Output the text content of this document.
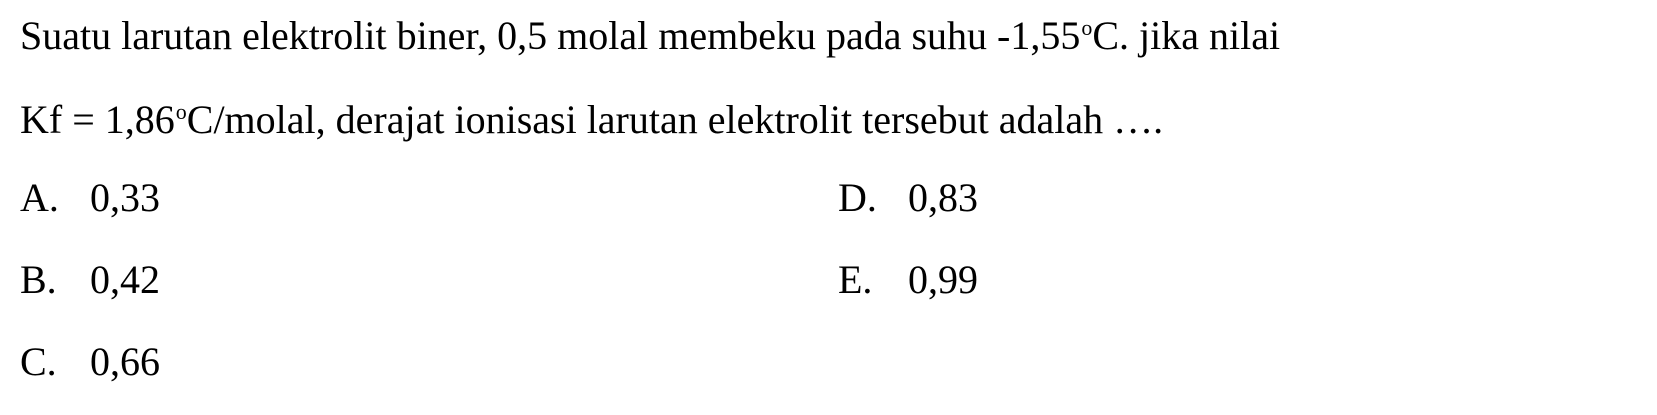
Suatu larutan elektrolit biner, 0,5 molal membeku pada suhu -1,55$^o$C. jika nilai
$Kf = 1,86^oC$/molal, derajat ionisasi larutan elektrolit tersebut adalah ….
A. 0,33
B. 0,42
C. 0,66
D. 0,83
E. 0,99
